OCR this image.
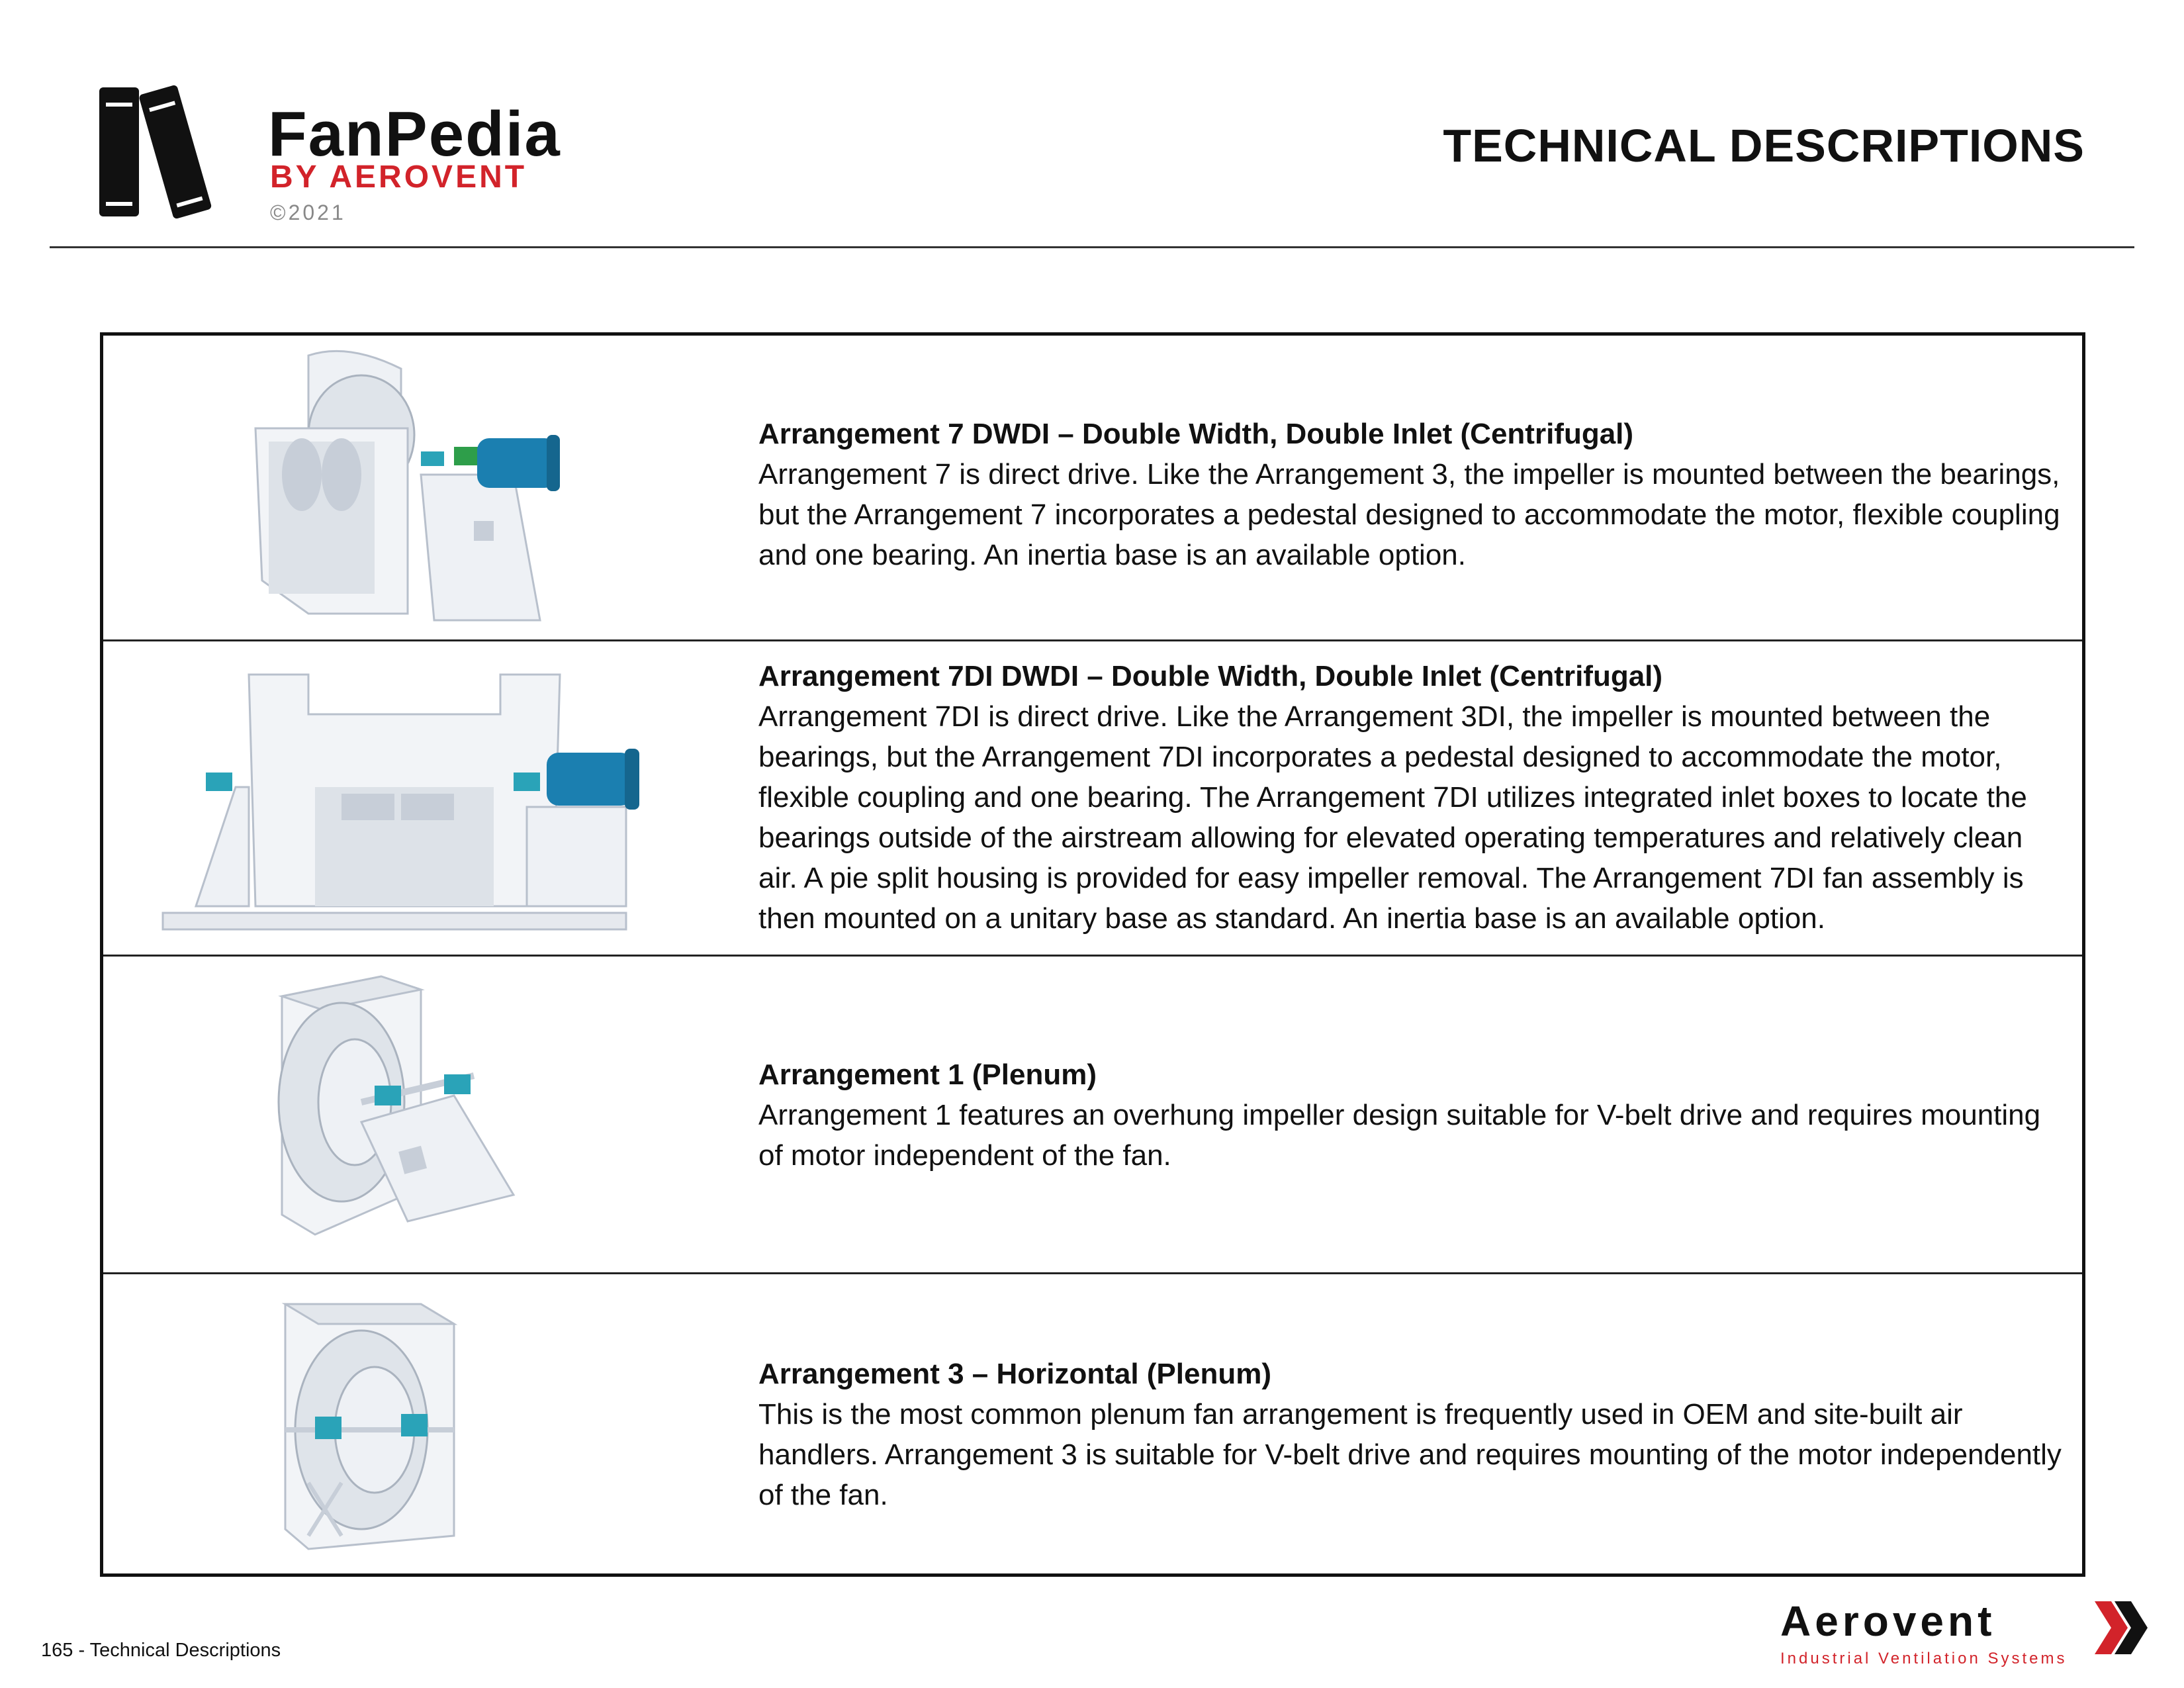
FanPedia
BY AEROVENT
©2021
TECHNICAL DESCRIPTIONS
Arrangement 7 DWDI – Double Width, Double Inlet (Centrifugal)
Arrangement 7 is direct drive. Like the Arrangement 3, the impeller is mounted between the bearings, but the Arrangement 7 incorporates a pedestal designed to accommodate the motor, flexible coupling and one bearing. An inertia base is an available option.
Arrangement 7DI DWDI – Double Width, Double Inlet (Centrifugal)
Arrangement 7DI is direct drive. Like the Arrangement 3DI, the impeller is mounted between the bearings, but the Arrangement 7DI incorporates a pedestal designed to accommodate the motor, flexible coupling and one bearing. The Arrangement 7DI utilizes integrated inlet boxes to locate the bearings outside of the airstream allowing for elevated operating temperatures and relatively clean air. A pie split housing is provided for easy impeller removal. The Arrangement 7DI fan assembly is then mounted on a unitary base as standard. An inertia base is an available option.
Arrangement 1 (Plenum)
Arrangement 1 features an overhung impeller design suitable for V-belt drive and requires mounting of motor independent of the fan.
Arrangement 3 – Horizontal (Plenum)
This is the most common plenum fan arrangement is frequently used in OEM and site-built air handlers. Arrangement 3 is suitable for V-belt drive and requires mounting of the motor independently of the fan.
165 - Technical Descriptions
Aerovent
Industrial Ventilation Systems
